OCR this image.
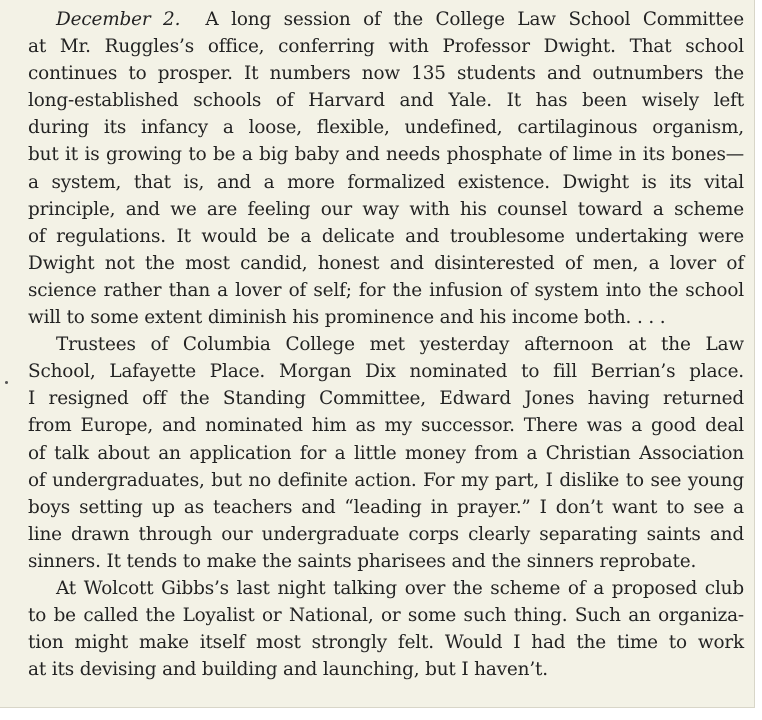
December 2. A long session of the College Law School Committee
at Mr. Ruggles’s office, conferring with Professor Dwight. That school
continues to prosper. It numbers now 135 students and outnumbers the
long-established schools of Harvard and Yale. It has been wisely left
during its infancy a loose, flexible, undefined, cartilaginous organism,
but it is growing to be a big baby and needs phosphate of lime in its bones—
a system, that is, and a more formalized existence. Dwight is its vital
principle, and we are feeling our way with his counsel toward a scheme
of regulations. It would be a delicate and troublesome undertaking were
Dwight not the most candid, honest and disinterested of men, a lover of
science rather than a lover of self; for the infusion of system into the school
will to some extent diminish his prominence and his income both. . . .
Trustees of Columbia College met yesterday afternoon at the Law
School, Lafayette Place. Morgan Dix nominated to fill Berrian’s place.
I resigned off the Standing Committee, Edward Jones having returned
from Europe, and nominated him as my successor. There was a good deal
of talk about an application for a little money from a Christian Association
of undergraduates, but no definite action. For my part, I dislike to see young
boys setting up as teachers and “leading in prayer.” I don’t want to see a
line drawn through our undergraduate corps clearly separating saints and
sinners. It tends to make the saints pharisees and the sinners reprobate.
At Wolcott Gibbs’s last night talking over the scheme of a proposed club
to be called the Loyalist or National, or some such thing. Such an organiza-
tion might make itself most strongly felt. Would I had the time to work
at its devising and building and launching, but I haven’t.
